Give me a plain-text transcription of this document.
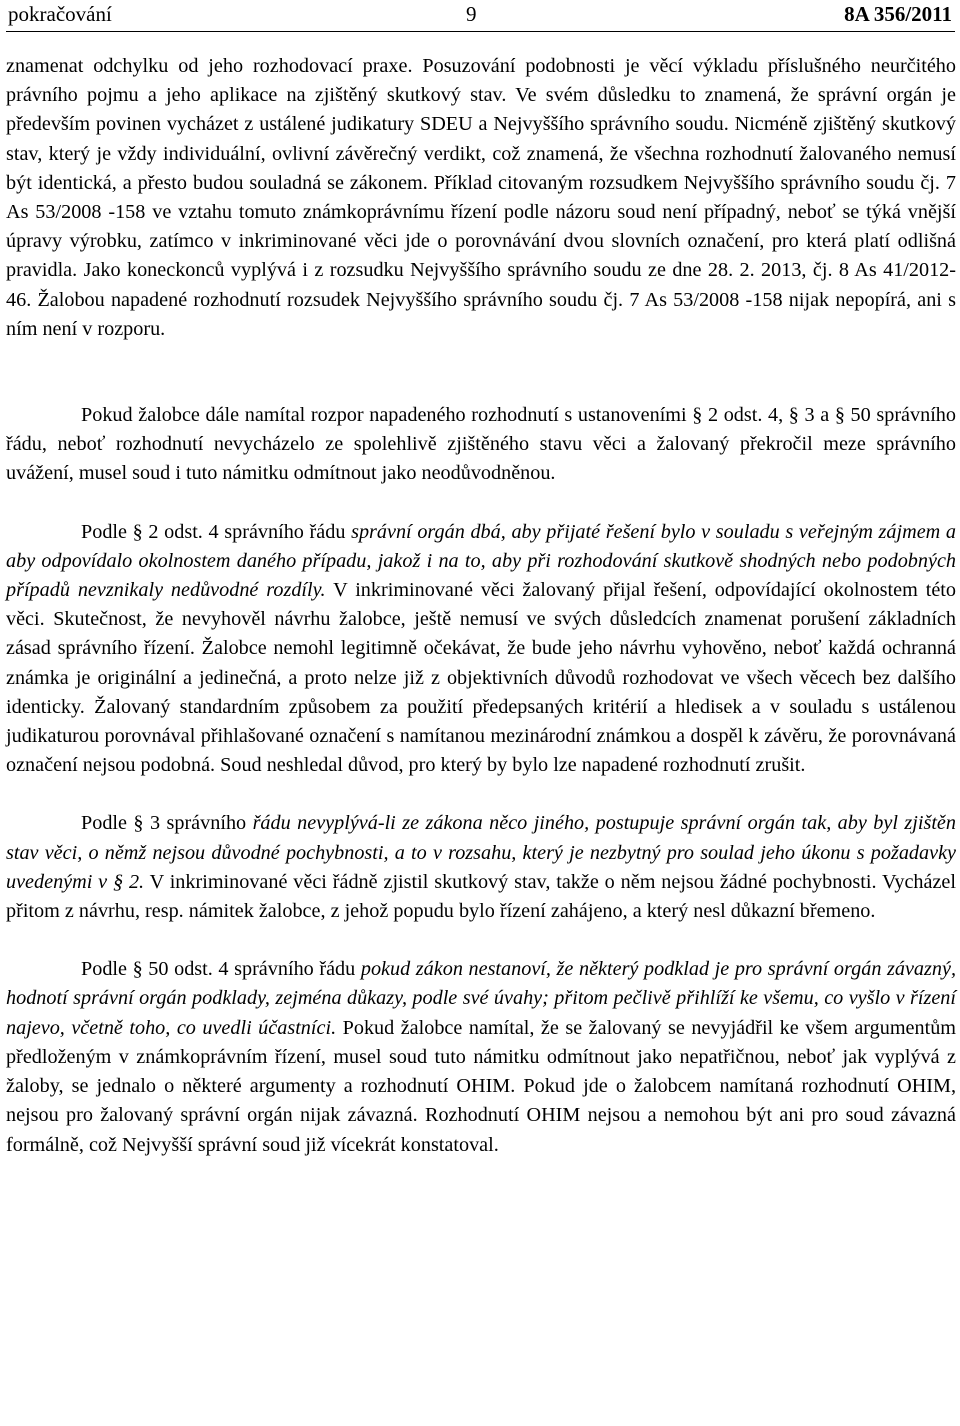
pokračování	9	8A 356/2011

znamenat odchylku od jeho rozhodovací praxe. Posuzování podobnosti je věcí výkladu příslušného neurčitého právního pojmu a jeho aplikace na zjištěný skutkový stav. Ve svém důsledku to znamená, že správní orgán je především povinen vycházet z ustálené judikatury SDEU a Nejvyššího správního soudu. Nicméně zjištěný skutkový stav, který je vždy individuální, ovlivní závěrečný verdikt, což znamená, že všechna rozhodnutí žalovaného nemusí být identická, a přesto budou souladná se zákonem. Příklad citovaným rozsudkem Nejvyššího správního soudu čj. 7 As 53/2008 -158 ve vztahu tomuto známkoprávnímu řízení podle názoru soud není případný, neboť se týká vnější úpravy výrobku, zatímco v inkriminované věci jde o porovnávání dvou slovních označení, pro která platí odlišná pravidla. Jako koneckonců vyplývá i z rozsudku Nejvyššího správního soudu ze dne 28. 2. 2013, čj. 8 As 41/2012-46. Žalobou napadené rozhodnutí rozsudek Nejvyššího správního soudu čj. 7 As 53/2008 -158 nijak nepopírá, ani s ním není v rozporu.

Pokud žalobce dále namítal rozpor napadeného rozhodnutí s ustanoveními § 2 odst. 4, § 3 a § 50 správního řádu, neboť rozhodnutí nevycházelo ze spolehlivě zjištěného stavu věci a žalovaný překročil meze správního uvážení, musel soud i tuto námitku odmítnout jako neodůvodněnou.

Podle § 2 odst. 4 správního řádu správní orgán dbá, aby přijaté řešení bylo v souladu s veřejným zájmem a aby odpovídalo okolnostem daného případu, jakož i na to, aby při rozhodování skutkově shodných nebo podobných případů nevznikaly nedůvodné rozdíly. V inkriminované věci žalovaný přijal řešení, odpovídající okolnostem této věci. Skutečnost, že nevyhověl návrhu žalobce, ještě nemusí ve svých důsledcích znamenat porušení základních zásad správního řízení. Žalobce nemohl legitimně očekávat, že bude jeho návrhu vyhověno, neboť každá ochranná známka je originální a jedinečná, a proto nelze již z objektivních důvodů rozhodovat ve všech věcech bez dalšího identicky. Žalovaný standardním způsobem za použití předepsaných kritérií a hledisek a v souladu s ustálenou judikaturou porovnával přihlašované označení s namítanou mezinárodní známkou a dospěl k závěru, že porovnávaná označení nejsou podobná. Soud neshledal důvod, pro který by bylo lze napadené rozhodnutí zrušit.

Podle § 3 správního řádu nevyplývá-li ze zákona něco jiného, postupuje správní orgán tak, aby byl zjištěn stav věci, o němž nejsou důvodné pochybnosti, a to v rozsahu, který je nezbytný pro soulad jeho úkonu s požadavky uvedenými v § 2. V inkriminované věci řádně zjistil skutkový stav, takže o něm nejsou žádné pochybnosti. Vycházel přitom z návrhu, resp. námitek žalobce, z jehož popudu bylo řízení zahájeno, a který nesl důkazní břemeno.

Podle § 50 odst. 4 správního řádu pokud zákon nestanoví, že některý podklad je pro správní orgán závazný, hodnotí správní orgán podklady, zejména důkazy, podle své úvahy; přitom pečlivě přihlíží ke všemu, co vyšlo v řízení najevo, včetně toho, co uvedli účastníci. Pokud žalobce namítal, že se žalovaný se nevyjádřil ke všem argumentům předloženým v známkoprávním řízení, musel soud tuto námitku odmítnout jako nepatřičnou, neboť jak vyplývá z žaloby, se jednalo o některé argumenty a rozhodnutí OHIM. Pokud jde o žalobcem namítaná rozhodnutí OHIM, nejsou pro žalovaný správní orgán nijak závazná. Rozhodnutí OHIM nejsou a nemohou být ani pro soud závazná formálně, což Nejvyšší správní soud již vícekrát konstatoval.
